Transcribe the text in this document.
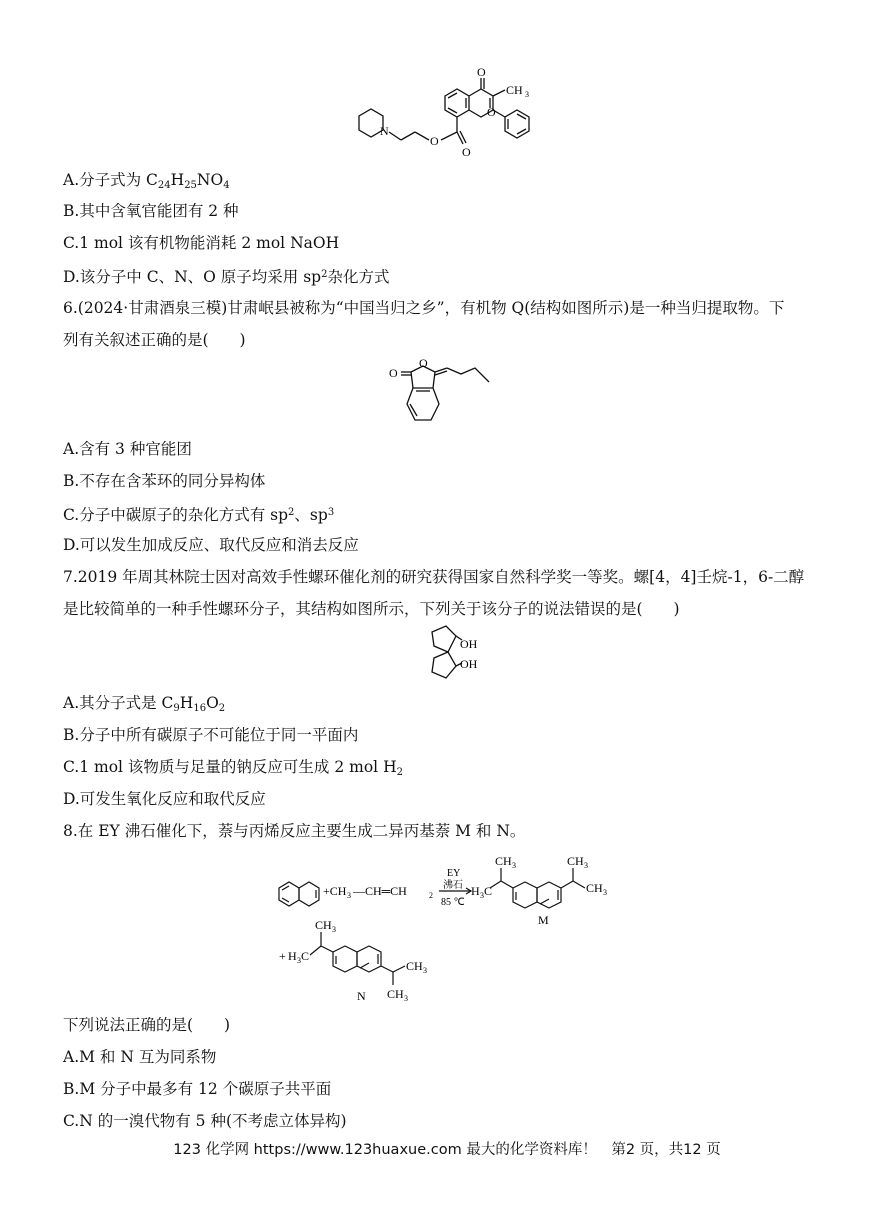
O
CH 3
O
N
O
O
A.分子式为 $C_{24}H_{25}NO_4$
B.其中含氧官能团有 2 种
C.1 mol 该有机物能消耗 2 mol NaOH
D.该分子中 C、N、O 原子均采用 $sp^2$杂化方式
6.(2024·甘肃酒泉三模)甘肃岷县被称为“中国当归之乡”，有机物 Q(结构如图所示)是一种当归提取物。下
列有关叙述正确的是(　　)
O
O
A.含有 3 种官能团
B.不存在含苯环的同分异构体
C.分子中碳原子的杂化方式有 $sp^2$、$sp^3$
D.可以发生加成反应、取代反应和消去反应
7.2019 年周其林院士因对高效手性螺环催化剂的研究获得国家自然科学奖一等奖。螺[4，4]壬烷-1，6-二醇
是比较简单的一种手性螺环分子，其结构如图所示，下列关于该分子的说法错误的是(　　)
OH
OH
A.其分子式是 $C_9H_{16}O_2$
B.分子中所有碳原子不可能位于同一平面内
C.1 mol 该物质与足量的钠反应可生成 2 mol $H_2$
D.可发生氧化反应和取代反应
8.在 EY 沸石催化下，萘与丙烯反应主要生成二异丙基萘 M 和 N。
+CH 3 —CH═CH	2
EY
沸石
85 ℃
H 3 C
CH 3	CH 3
CH 3
M
+ H 3 C
CH 3
CH 3
CH 3
N
下列说法正确的是(　　)
A.M 和 N 互为同系物
B.M 分子中最多有 12 个碳原子共平面
C.N 的一溴代物有 5 种(不考虑立体异构)
123 化学网 https://www.123huaxue.com 最大的化学资料库！　第2 页，共12 页
